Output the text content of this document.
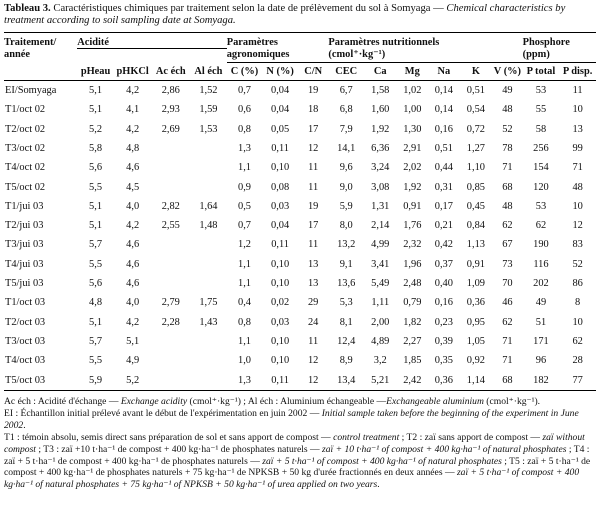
Tableau 3. Caractéristiques chimiques par traitement selon la date de prélèvement du sol à Somyaga — Chemical characteristics by treatment according to soil sampling date at Somyaga.

Traitement/	Acidité				Paramètres			Paramètres nutritionnels						Phosphore	
année					agronomiques			(cmol⁺·kg⁻¹)						(ppm)	
	pHeau	pHKCl	Ac éch	Al éch	C (%)	N (%)	C/N	CEC	Ca	Mg	Na	K	V (%)	P total	P disp.
EI/Somyaga	5,1	4,2	2,86	1,52	0,7	0,04	19	6,7	1,58	1,02	0,14	0,51	49	53	11
T1/oct 02	5,1	4,1	2,93	1,59	0,6	0,04	18	6,8	1,60	1,00	0,14	0,54	48	55	10
T2/oct 02	5,2	4,2	2,69	1,53	0,8	0,05	17	7,9	1,92	1,30	0,16	0,72	52	58	13
T3/oct 02	5,8	4,8			1,3	0,11	12	14,1	6,36	2,91	0,51	1,27	78	256	99
T4/oct 02	5,6	4,6			1,1	0,10	11	9,6	3,24	2,02	0,44	1,10	71	154	71
T5/oct 02	5,5	4,5			0,9	0,08	11	9,0	3,08	1,92	0,31	0,85	68	120	48
T1/jui 03	5,1	4,0	2,82	1,64	0,5	0,03	19	5,9	1,31	0,91	0,17	0,45	48	53	10
T2/jui 03	5,1	4,2	2,55	1,48	0,7	0,04	17	8,0	2,14	1,76	0,21	0,84	62	62	12
T3/jui 03	5,7	4,6			1,2	0,11	11	13,2	4,99	2,32	0,42	1,13	67	190	83
T4/jui 03	5,5	4,6			1,1	0,10	13	9,1	3,41	1,96	0,37	0,91	73	116	52
T5/jui 03	5,6	4,6			1,1	0,10	13	13,6	5,49	2,48	0,40	1,09	70	202	86
T1/oct 03	4,8	4,0	2,79	1,75	0,4	0,02	29	5,3	1,11	0,79	0,16	0,36	46	49	8
T2/oct 03	5,1	4,2	2,28	1,43	0,8	0,03	24	8,1	2,00	1,82	0,23	0,95	62	51	10
T3/oct 03	5,7	5,1			1,1	0,10	11	12,4	4,89	2,27	0,39	1,05	71	171	62
T4/oct 03	5,5	4,9			1,0	0,10	12	8,9	3,2	1,85	0,35	0,92	71	96	28
T5/oct 03	5,9	5,2			1,3	0,11	12	13,4	5,21	2,42	0,36	1,14	68	182	77

Ac éch : Acidité d'échange — Exchange acidity (cmol⁺·kg⁻¹) ; Al éch : Aluminium échangeable —Exchangeable aluminium (cmol⁺·kg⁻¹).

EI : Échantillon initial prélevé avant le début de l'expérimentation en juin 2002 — Initial sample taken before the beginning of the experiment in June 2002.

T1 : témoin absolu, semis direct sans préparation de sol et sans apport de compost — control treatment ; T2 : zaï sans apport de compost — zaï without compost ; T3 : zaï +10 t·ha⁻¹ de compost + 400 kg·ha⁻¹ de phosphates naturels — zaï + 10 t·ha⁻¹ of compost + 400 kg·ha⁻¹ of natural phosphates ; T4 : zaï + 5 t·ha⁻¹ de compost + 400 kg·ha⁻¹ de phosphates naturels — zaï + 5 t·ha⁻¹ of compost + 400 kg·ha⁻¹ of natural phosphates ; T5 : zaï + 5 t·ha⁻¹ de compost + 400 kg·ha⁻¹ de phosphates naturels + 75 kg·ha⁻¹ de NPKSB + 50 kg d'urée fractionnés en deux années — zaï + 5 t·ha⁻¹ of compost + 400 kg·ha⁻¹ of natural phosphates + 75 kg·ha⁻¹ of NPKSB + 50 kg·ha⁻¹ of urea applied on two years.
